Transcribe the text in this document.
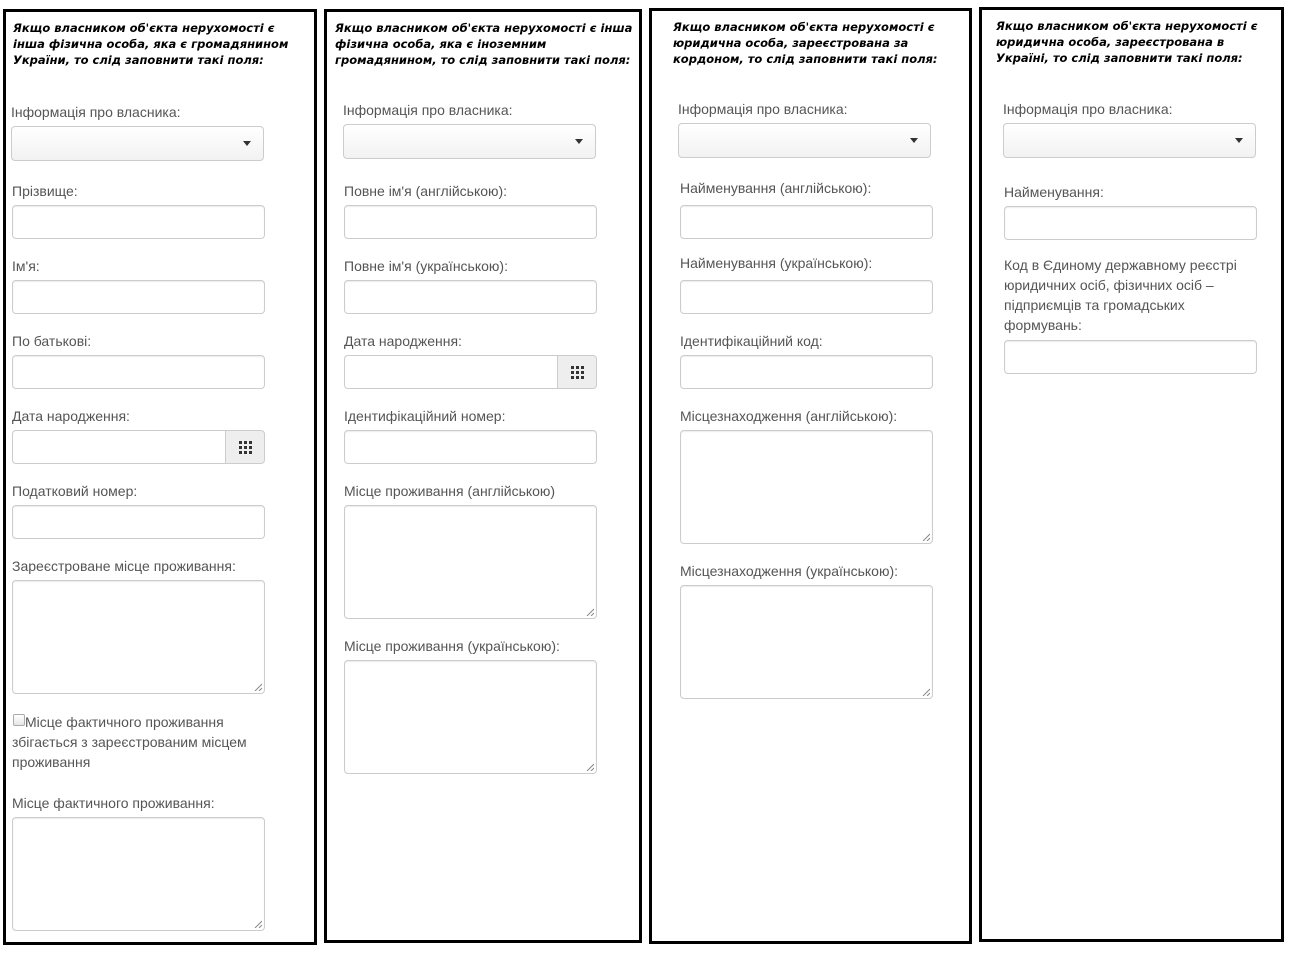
Якщо власником об'єкта нерухомості є інша фізична особа, яка є громадянином України, то слід заповнити такі поля:

Інформація про власника:
Прізвище:
Ім'я:
По батькові:
Дата народження:
Податковий номер:
Зареєстроване місце проживання:
Місце фактичного проживання збігається з зареєстрованим місцем проживання
Місце фактичного проживання:

Якщо власником об'єкта нерухомості є інша фізична особа, яка є іноземним громадянином, то слід заповнити такі поля:

Інформація про власника:
Повне ім'я (англійською):
Повне ім'я (українською):
Дата народження:
Ідентифікаційний номер:
Місце проживання (англійською)
Місце проживання (українською):

Якщо власником об'єкта нерухомості є юридична особа, зареєстрована за кордоном, то слід заповнити такі поля:

Інформація про власника:
Найменування (англійською):
Найменування (українською):
Ідентифікаційний код:
Місцезнаходження (англійською):
Місцезнаходження (українською):

Якщо власником об'єкта нерухомості є юридична особа, зареєстрована в Україні, то слід заповнити такі поля:

Інформація про власника:
Найменування:
Код в Єдиному державному реєстрі юридичних осіб, фізичних осіб – підприємців та громадських формувань:
